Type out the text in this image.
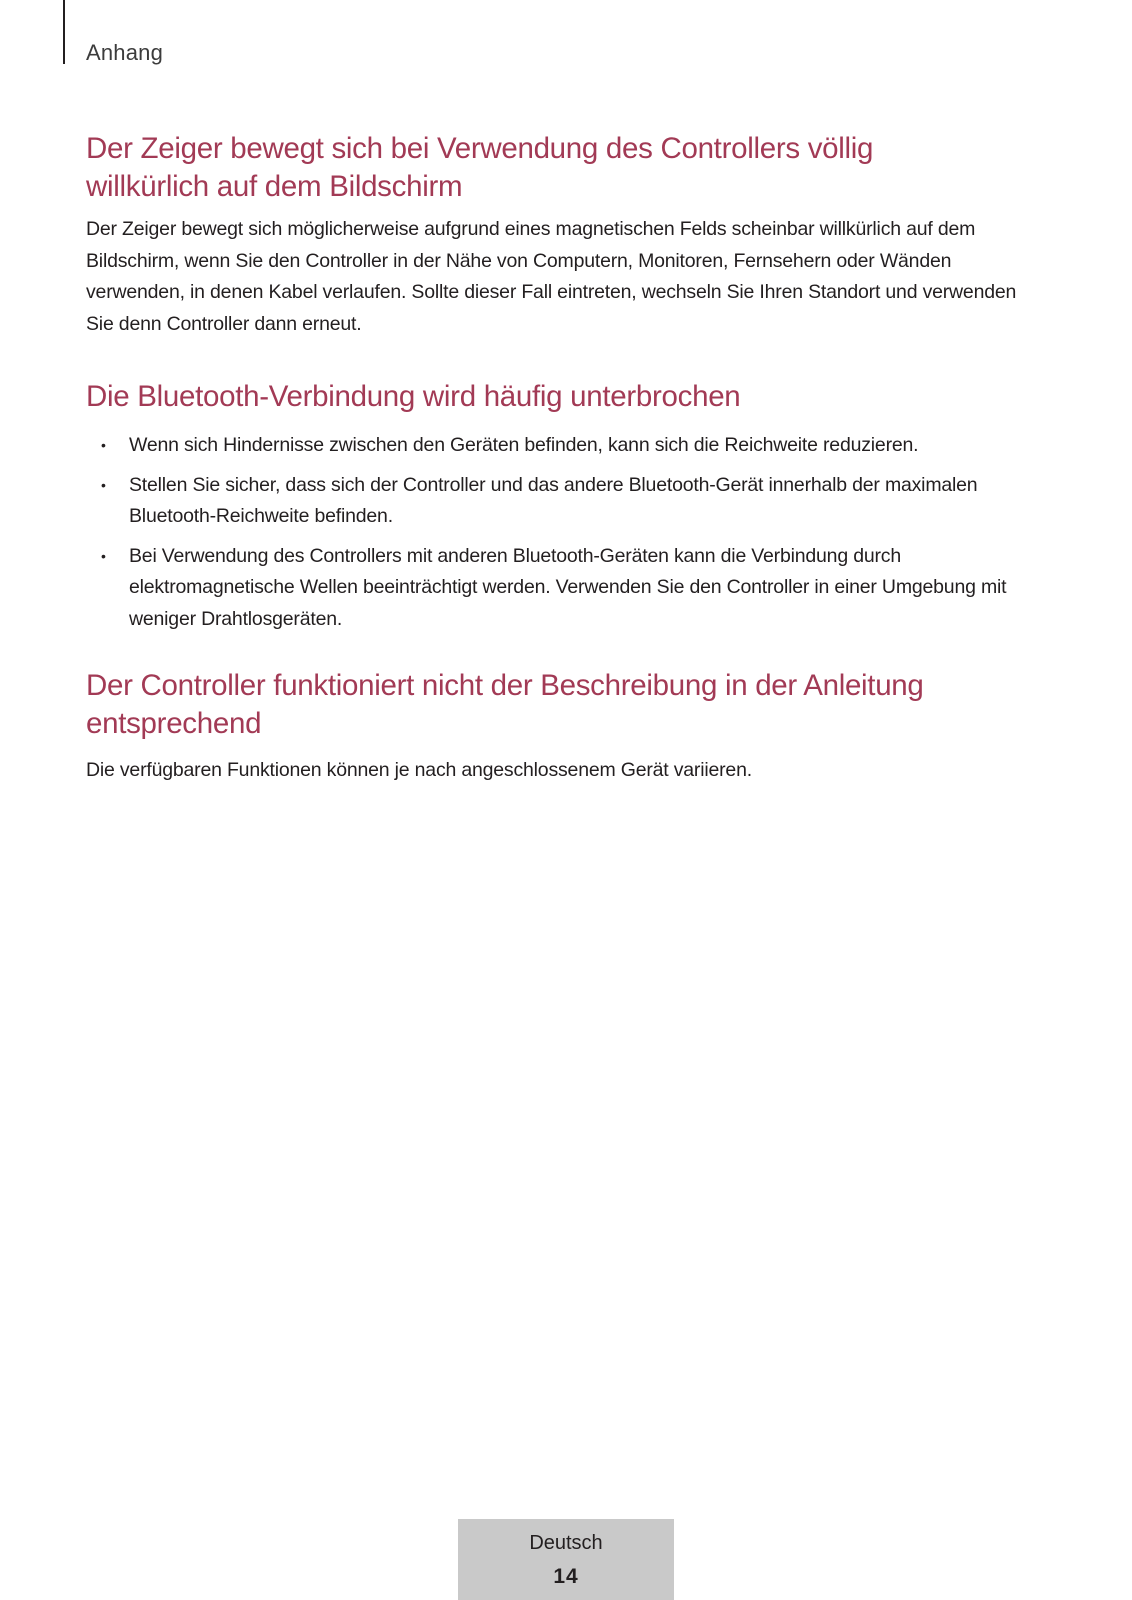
Anhang
Der Zeiger bewegt sich bei Verwendung des Controllers völlig
willkürlich auf dem Bildschirm

Der Zeiger bewegt sich möglicherweise aufgrund eines magnetischen Felds scheinbar willkürlich auf dem Bildschirm, wenn Sie den Controller in der Nähe von Computern, Monitoren, Fernsehern oder Wänden verwenden, in denen Kabel verlaufen. Sollte dieser Fall eintreten, wechseln Sie Ihren Standort und verwenden Sie denn Controller dann erneut.

Die Bluetooth-Verbindung wird häufig unterbrochen
• Wenn sich Hindernisse zwischen den Geräten befinden, kann sich die Reichweite reduzieren.
• Stellen Sie sicher, dass sich der Controller und das andere Bluetooth-Gerät innerhalb der maximalen Bluetooth-Reichweite befinden.
• Bei Verwendung des Controllers mit anderen Bluetooth-Geräten kann die Verbindung durch elektromagnetische Wellen beeinträchtigt werden. Verwenden Sie den Controller in einer Umgebung mit weniger Drahtlosgeräten.
Der Controller funktioniert nicht der Beschreibung in der Anleitung
entsprechend

Die verfügbaren Funktionen können je nach angeschlossenem Gerät variieren.

Deutsch
14
